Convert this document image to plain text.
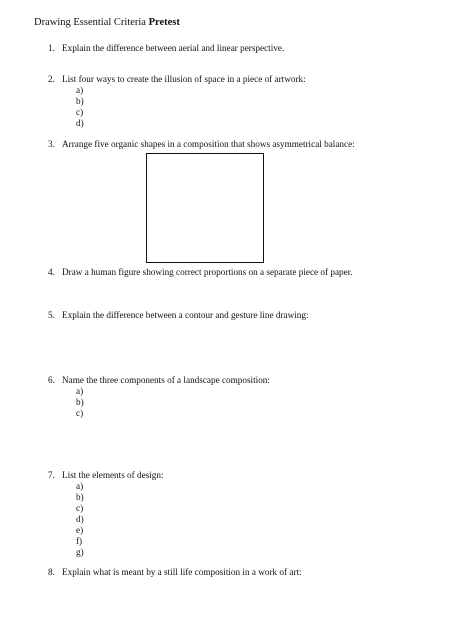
Drawing Essential Criteria Pretest
1. Explain the difference between aerial and linear perspective.
2. List four ways to create the illusion of space in a piece of artwork:
a)
b)
c)
d)
3. Arrange five organic shapes in a composition that shows asymmetrical balance:
4. Draw a human figure showing correct proportions on a separate piece of paper.
5. Explain the difference between a contour and gesture line drawing:
6. Name the three components of a landscape composition:
a)
b)
c)
7. List the elements of design:
a)
b)
c)
d)
e)
f)
g)
8. Explain what is meant by a still life composition in a work of art:
